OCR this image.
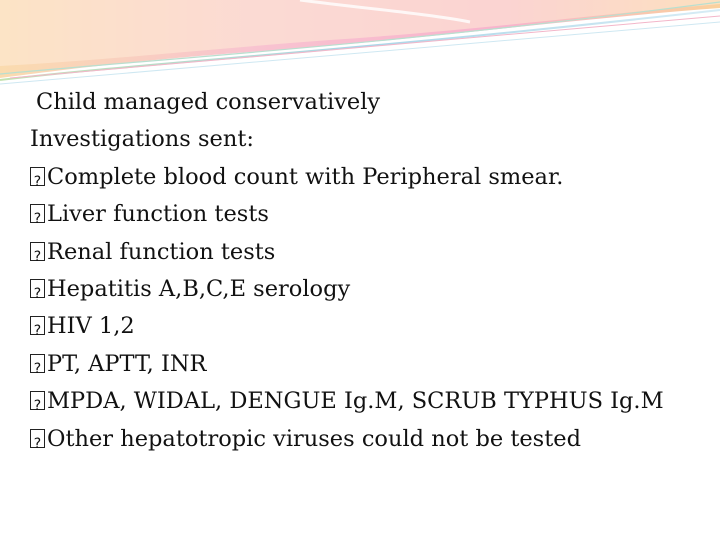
Child managed conservatively
Investigations sent:
?Complete blood count with Peripheral smear.
?Liver function tests
?Renal function tests
?Hepatitis A,B,C,E serology
?HIV 1,2
?PT, APTT, INR
?MPDA, WIDAL, DENGUE Ig.M, SCRUB TYPHUS Ig.M
?Other hepatotropic viruses could not be tested
